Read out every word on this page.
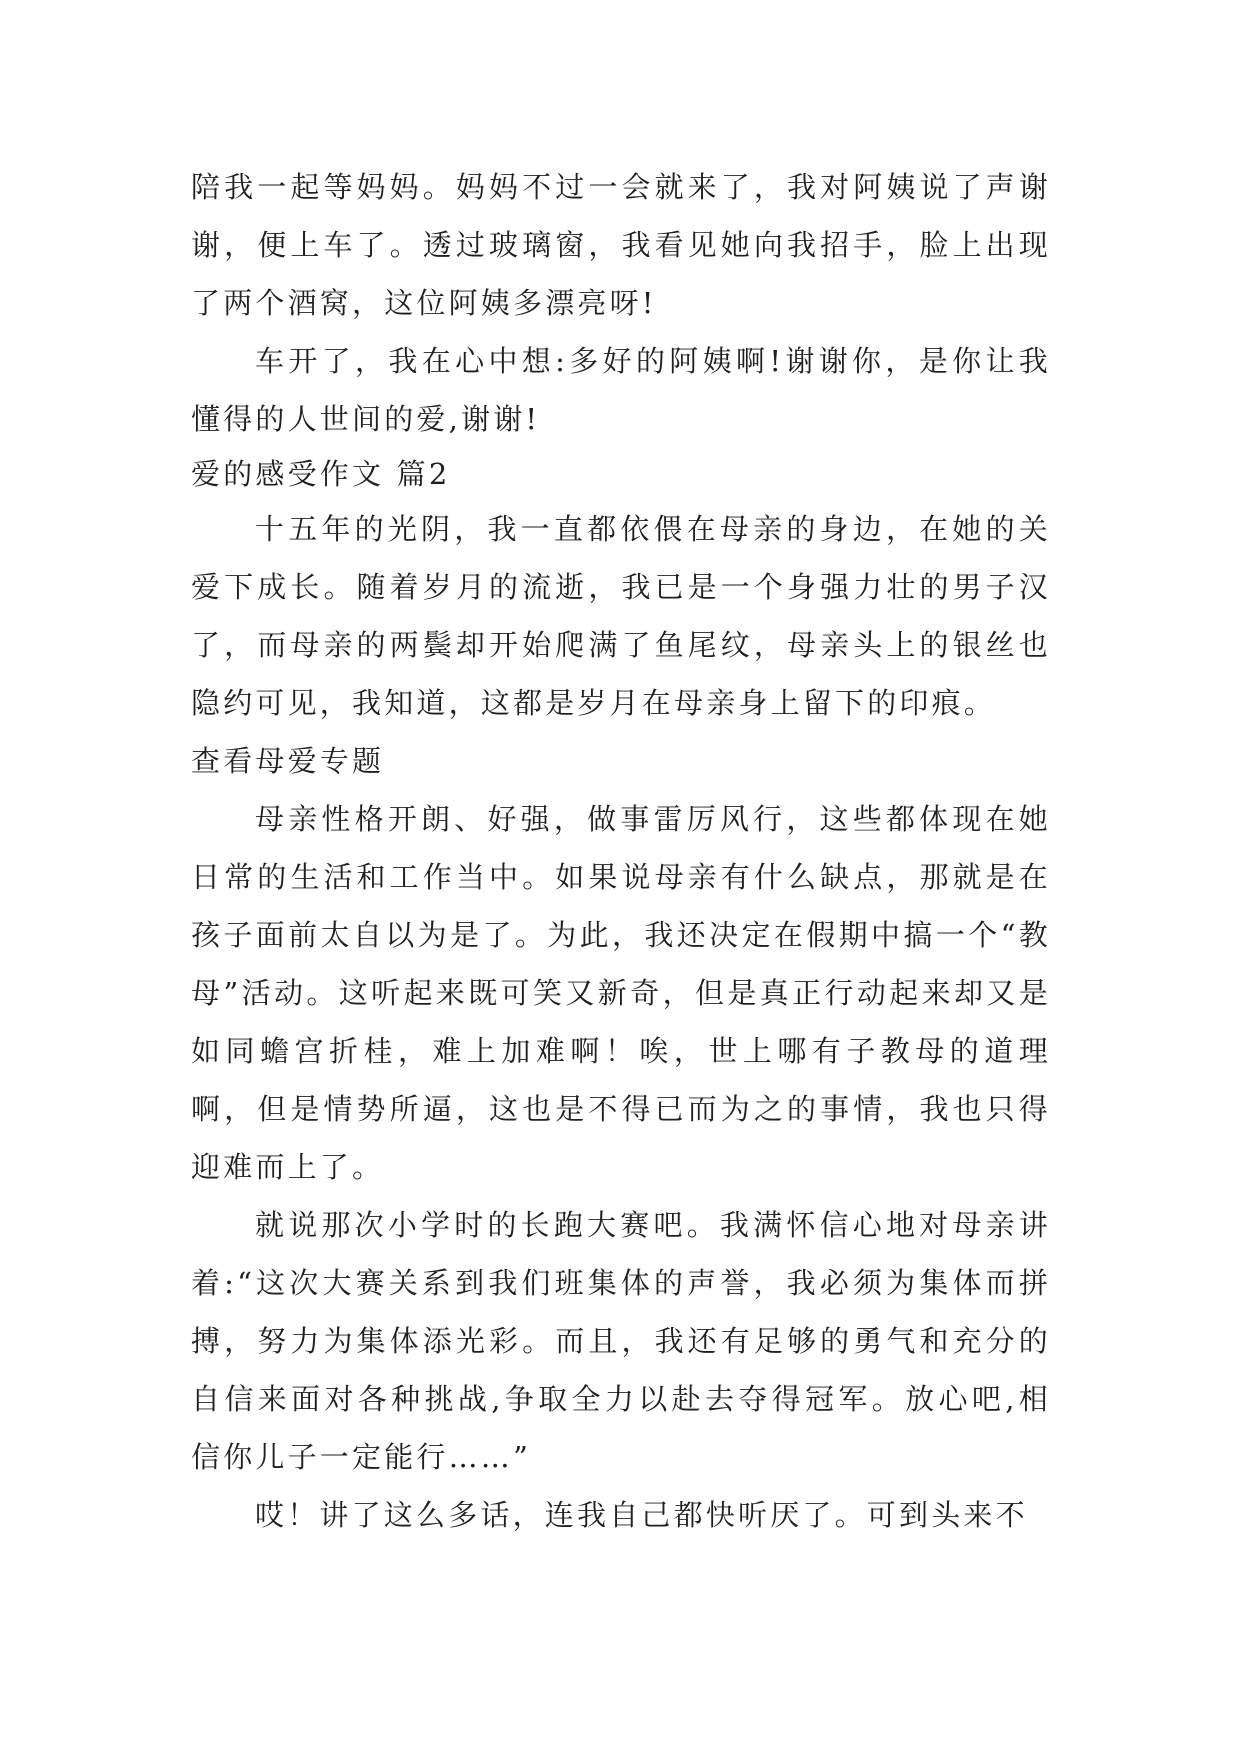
陪我一起等妈妈。妈妈不过一会就来了，我对阿姨说了声谢谢，便上车了。透过玻璃窗，我看见她向我招手，脸上出现了两个酒窝，这位阿姨多漂亮呀!

车开了，我在心中想:多好的阿姨啊!谢谢你，是你让我懂得的人世间的爱,谢谢!

爱的感受作文 篇2

十五年的光阴，我一直都依偎在母亲的身边，在她的关爱下成长。随着岁月的流逝，我已是一个身强力壮的男子汉了，而母亲的两鬓却开始爬满了鱼尾纹，母亲头上的银丝也隐约可见，我知道，这都是岁月在母亲身上留下的印痕。

查看母爱专题

母亲性格开朗、好强，做事雷厉风行，这些都体现在她日常的生活和工作当中。如果说母亲有什么缺点，那就是在孩子面前太自以为是了。为此，我还决定在假期中搞一个“教母”活动。这听起来既可笑又新奇，但是真正行动起来却又是如同蟾宫折桂，难上加难啊！唉，世上哪有子教母的道理啊，但是情势所逼，这也是不得已而为之的事情，我也只得迎难而上了。

就说那次小学时的长跑大赛吧。我满怀信心地对母亲讲着:“这次大赛关系到我们班集体的声誉，我必须为集体而拼搏，努力为集体添光彩。而且，我还有足够的勇气和充分的自信来面对各种挑战,争取全力以赴去夺得冠军。放心吧,相信你儿子一定能行……”

哎！讲了这么多话，连我自己都快听厌了。可到头来不
